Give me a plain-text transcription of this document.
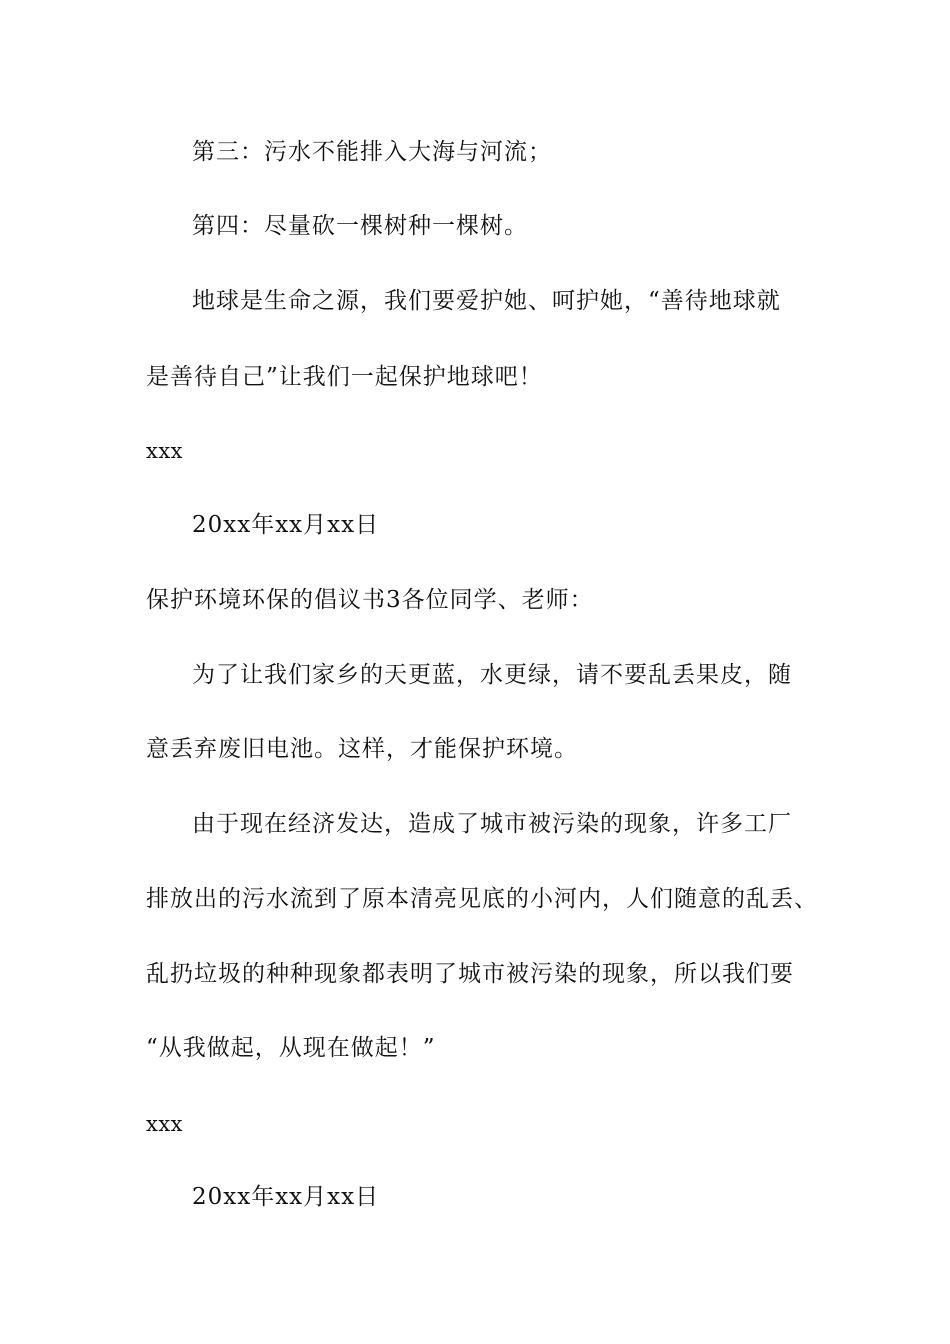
第三：污水不能排入大海与河流；
第四：尽量砍一棵树种一棵树。
地球是生命之源，我们要爱护她、呵护她，“善待地球就
是善待自己”让我们一起保护地球吧！
xxx
20xx年xx月xx日
保护环境环保的倡议书3各位同学、老师：
为了让我们家乡的天更蓝，水更绿，请不要乱丢果皮，随
意丢弃废旧电池。这样，才能保护环境。
由于现在经济发达，造成了城市被污染的现象，许多工厂
排放出的污水流到了原本清亮见底的小河内，人们随意的乱丢、
乱扔垃圾的种种现象都表明了城市被污染的现象，所以我们要
“从我做起，从现在做起！”
xxx
20xx年xx月xx日
